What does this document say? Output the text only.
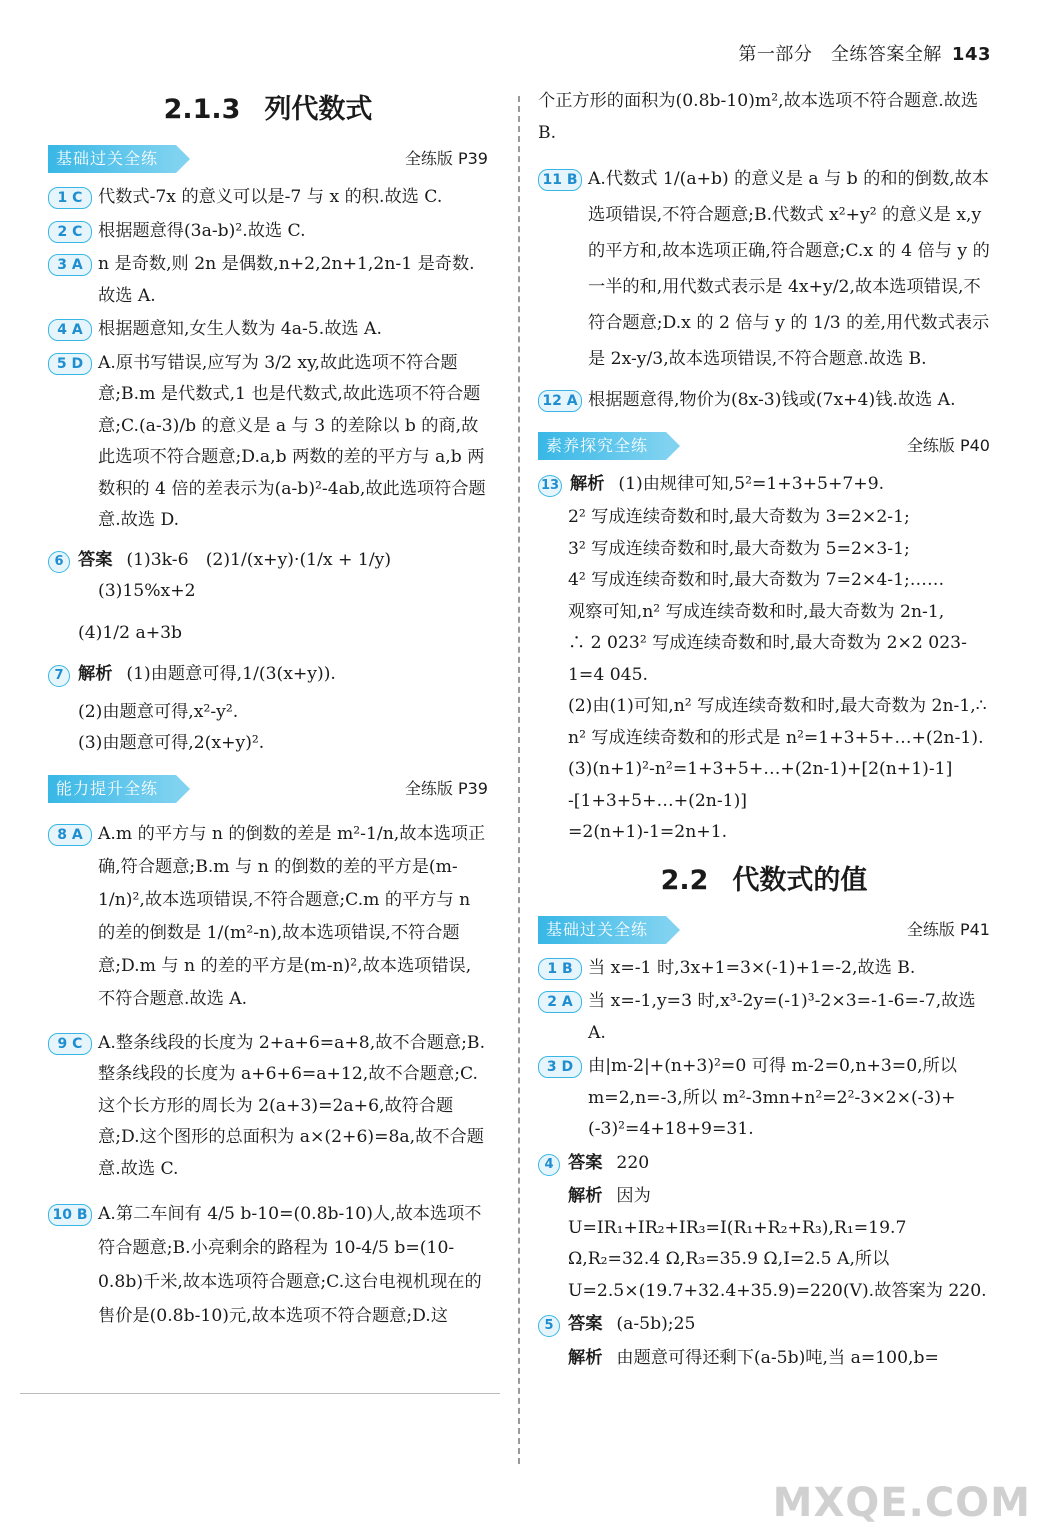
第一部分　全练答案全解 143
2.1.3 列代数式
基础过关全练	全练版 P39
1 C 代数式-7x 的意义可以是-7 与 x 的积.故选 C.
2 C 根据题意得(3a-b)².故选 C.
3 A n 是奇数,则 2n 是偶数,n+2,2n+1,2n-1 是奇数.故选 A.
4 A 根据题意知,女生人数为 4a-5.故选 A.
5 D A.原书写错误,应写为 3/2 xy,故此选项不符合题意;B.m 是代数式,1 也是代数式,故此选项不符合题意;C.(a-3)/b 的意义是 a 与 3 的差除以 b 的商,故此选项不符合题意;D.a,b 两数的差的平方与 a,b 两数积的 4 倍的差表示为(a-b)²-4ab,故此选项符合题意.故选 D.
6 答案 (1)3k-6　(2)1/(x+y)·(1/x + 1/y)　(3)15%x+2
(4)1/2 a+3b
7 解析 (1)由题意可得,1/(3(x+y)).
(2)由题意可得,x²-y².
(3)由题意可得,2(x+y)².
能力提升全练	全练版 P39
8 A A.m 的平方与 n 的倒数的差是 m²-1/n,故本选项正确,符合题意;B.m 与 n 的倒数的差的平方是(m-1/n)²,故本选项错误,不符合题意;C.m 的平方与 n 的差的倒数是 1/(m²-n),故本选项错误,不符合题意;D.m 与 n 的差的平方是(m-n)²,故本选项错误,不符合题意.故选 A.
9 C A.整条线段的长度为 2+a+6=a+8,故不合题意;B.整条线段的长度为 a+6+6=a+12,故不合题意;C.这个长方形的周长为 2(a+3)=2a+6,故符合题意;D.这个图形的总面积为 a×(2+6)=8a,故不合题意.故选 C.
10 B A.第二车间有 4/5 b-10=(0.8b-10)人,故本选项不符合题意;B.小亮剩余的路程为 10-4/5 b=(10-0.8b)千米,故本选项符合题意;C.这台电视机现在的售价是(0.8b-10)元,故本选项不符合题意;D.这
个正方形的面积为(0.8b-10)m²,故本选项不符合题意.故选 B.
11 B A.代数式 1/(a+b) 的意义是 a 与 b 的和的倒数,故本选项错误,不符合题意;B.代数式 x²+y² 的意义是 x,y 的平方和,故本选项正确,符合题意;C.x 的 4 倍与 y 的一半的和,用代数式表示是 4x+y/2,故本选项错误,不符合题意;D.x 的 2 倍与 y 的 1/3 的差,用代数式表示是 2x-y/3,故本选项错误,不符合题意.故选 B.
12 A 根据题意得,物价为(8x-3)钱或(7x+4)钱.故选 A.
素养探究全练	全练版 P40
13 解析 (1)由规律可知,5²=1+3+5+7+9.
2² 写成连续奇数和时,最大奇数为 3=2×2-1;
3² 写成连续奇数和时,最大奇数为 5=2×3-1;
4² 写成连续奇数和时,最大奇数为 7=2×4-1;……
观察可知,n² 写成连续奇数和时,最大奇数为 2n-1,
∴ 2 023² 写成连续奇数和时,最大奇数为 2×2 023-1=4 045.
(2)由(1)可知,n² 写成连续奇数和时,最大奇数为 2n-1,∴ n² 写成连续奇数和的形式是 n²=1+3+5+…+(2n-1).
(3)(n+1)²-n²=1+3+5+…+(2n-1)+[2(n+1)-1]
-[1+3+5+…+(2n-1)]
=2(n+1)-1=2n+1.
2.2 代数式的值
基础过关全练	全练版 P41
1 B 当 x=-1 时,3x+1=3×(-1)+1=-2,故选 B.
2 A 当 x=-1,y=3 时,x³-2y=(-1)³-2×3=-1-6=-7,故选 A.
3 D 由|m-2|+(n+3)²=0 可得 m-2=0,n+3=0,所以 m=2,n=-3,所以 m²-3mn+n²=2²-3×2×(-3)+(-3)²=4+18+9=31.
4 答案 220
解析 因为 U=IR₁+IR₂+IR₃=I(R₁+R₂+R₃),R₁=19.7 Ω,R₂=32.4 Ω,R₃=35.9 Ω,I=2.5 A,所以 U=2.5×(19.7+32.4+35.9)=220(V).故答案为 220.
5 答案 (a-5b);25
解析 由题意可得还剩下(a-5b)吨,当 a=100,b=
MXQE.COM
